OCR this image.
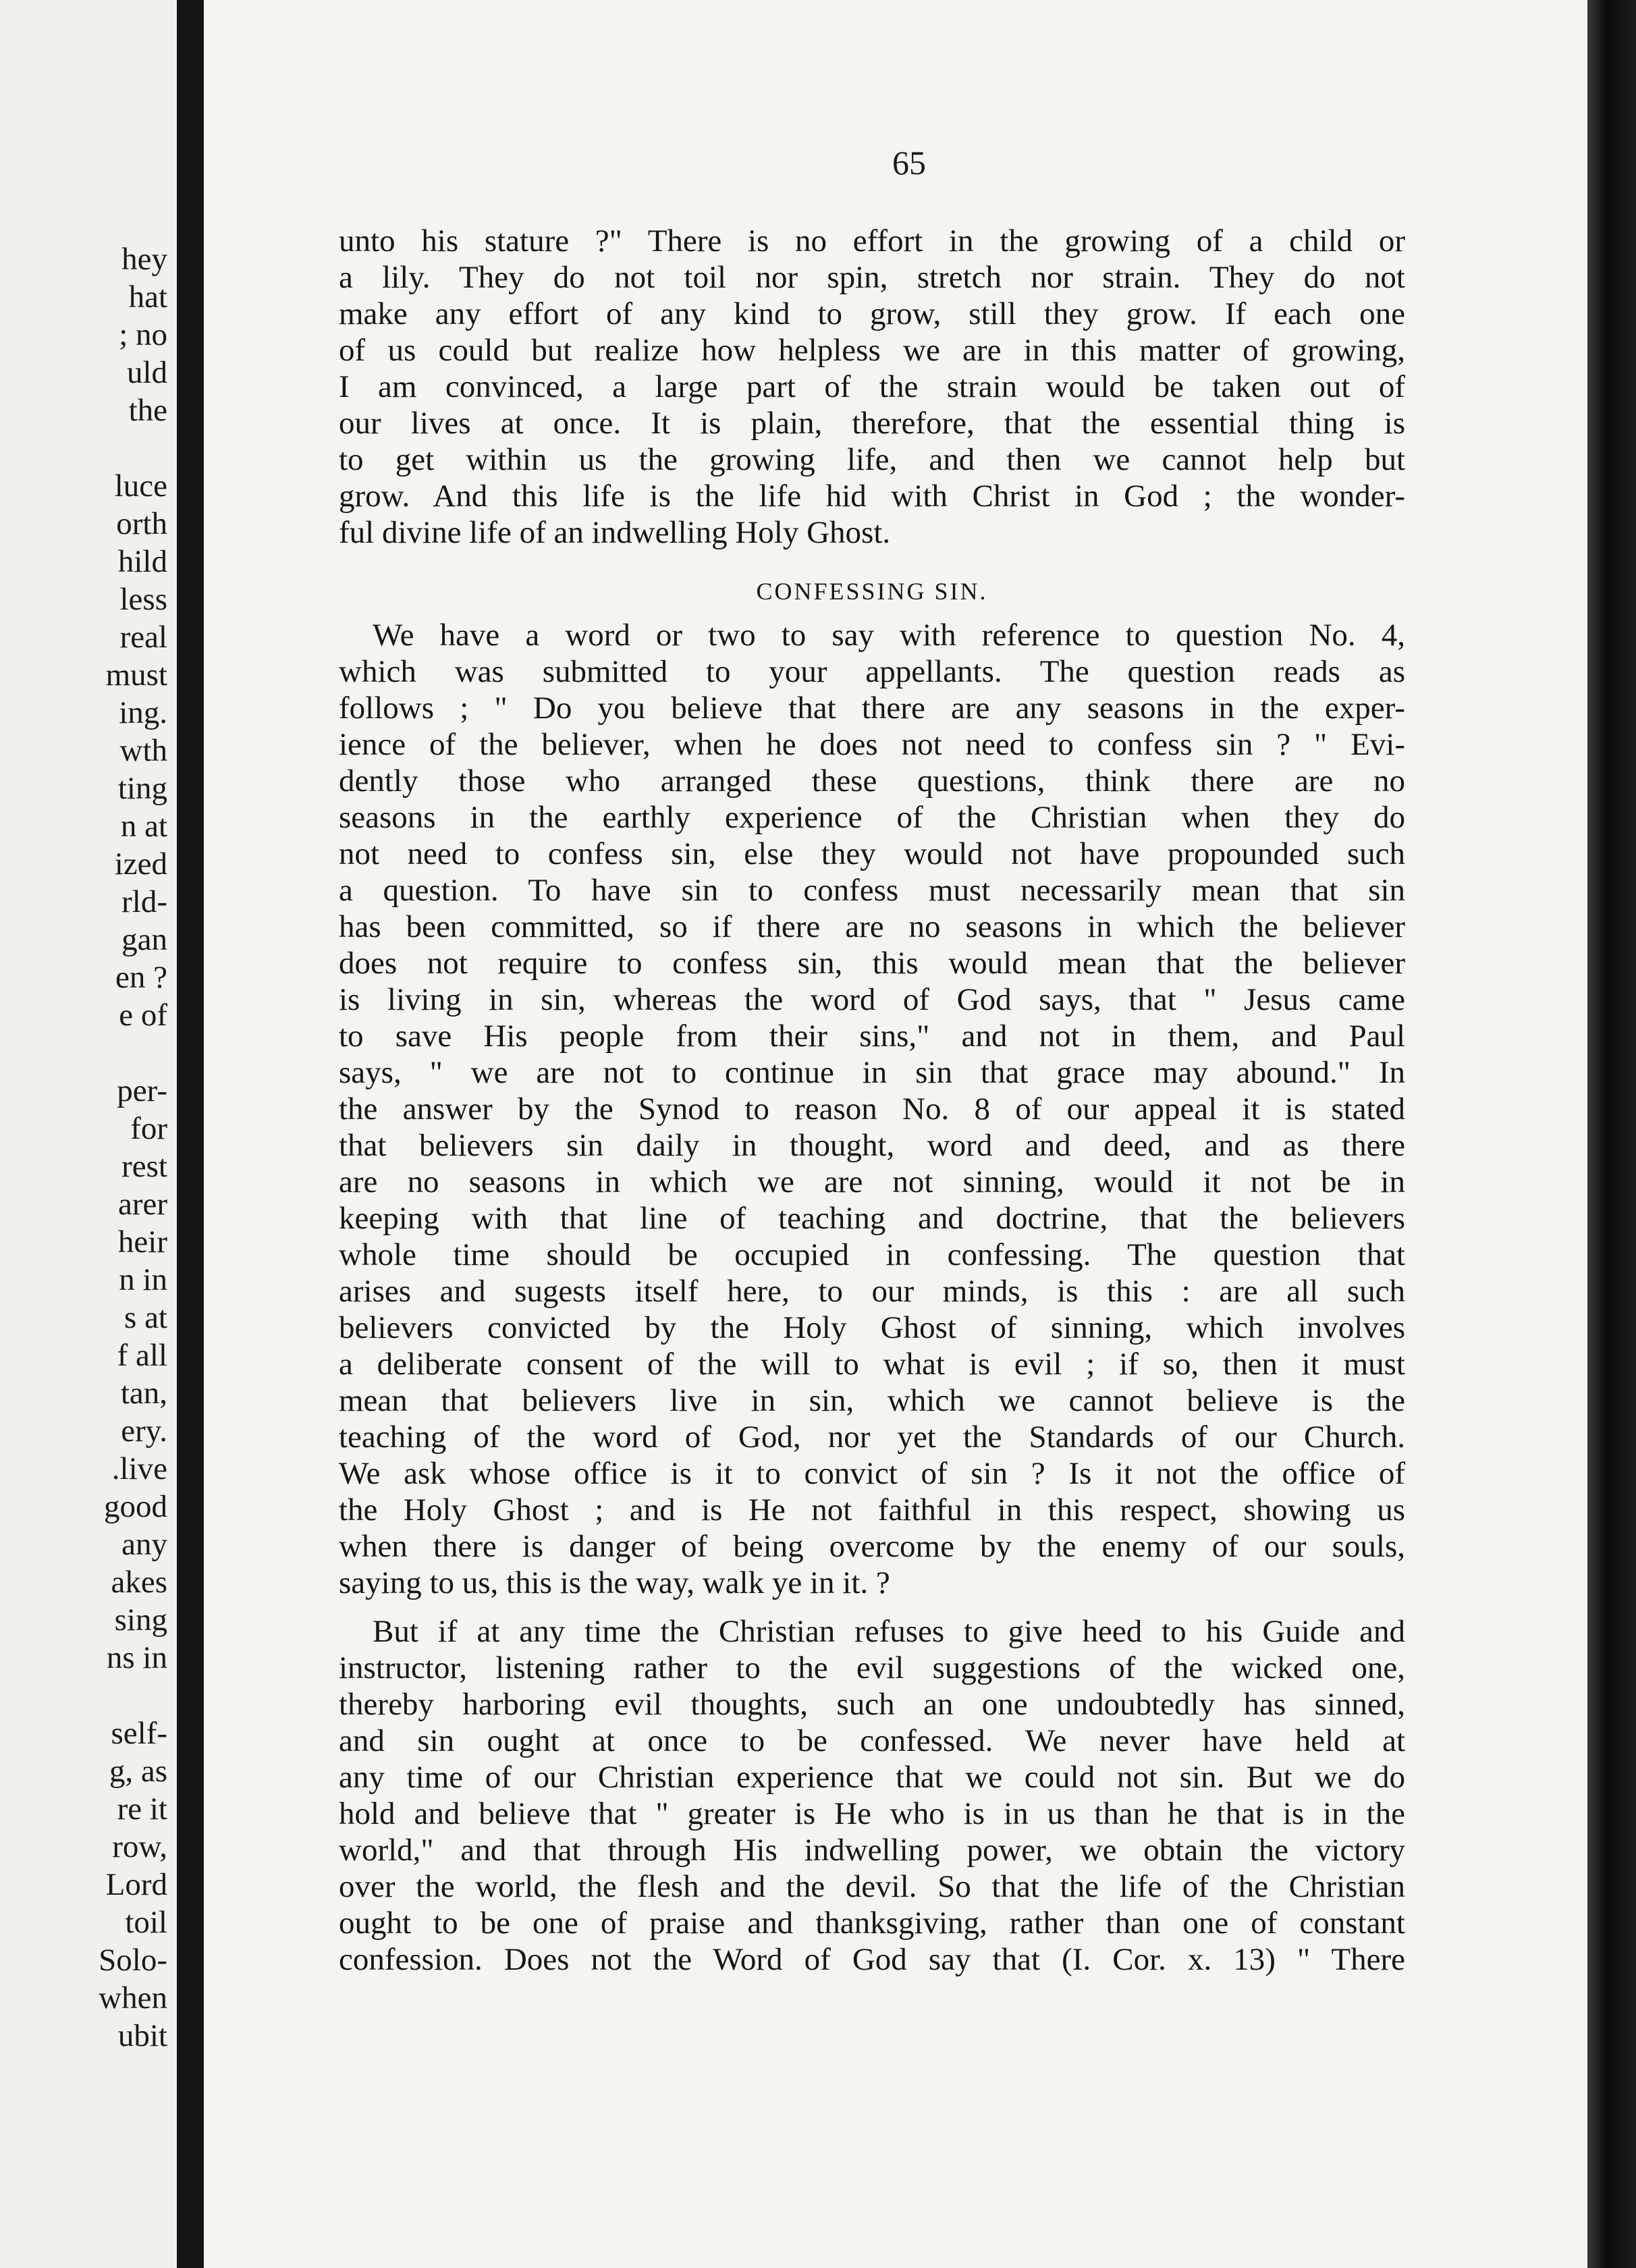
hey
hat
; no
uld
the
luce
orth
hild
less
real
must
ing.
wth
ting
n at
ized
rld-
gan
en ?
e of
per-
for
rest
arer
heir
n in
s at
f all
tan,
ery.
.live
good
any
akes
sing
ns in
self-
g, as
re it
row,
Lord
toil
Solo-
when
ubit
65
unto his stature ?" There is no effort in the growing of a child or
a lily. They do not toil nor spin, stretch nor strain. They do not
make any effort of any kind to grow, still they grow. If each one
of us could but realize how helpless we are in this matter of growing,
I am convinced, a large part of the strain would be taken out of
our lives at once. It is plain, therefore, that the essential thing is
to get within us the growing life, and then we cannot help but
grow. And this life is the life hid with Christ in God ; the wonder-
ful divine life of an indwelling Holy Ghost.
CONFESSING SIN.
We have a word or two to say with reference to question No. 4,
which was submitted to your appellants. The question reads as
follows ; " Do you believe that there are any seasons in the exper-
ience of the believer, when he does not need to confess sin ? " Evi-
dently those who arranged these questions, think there are no
seasons in the earthly experience of the Christian when they do
not need to confess sin, else they would not have propounded such
a question. To have sin to confess must necessarily mean that sin
has been committed, so if there are no seasons in which the believer
does not require to confess sin, this would mean that the believer
is living in sin, whereas the word of God says, that " Jesus came
to save His people from their sins," and not in them, and Paul
says, " we are not to continue in sin that grace may abound." In
the answer by the Synod to reason No. 8 of our appeal it is stated
that believers sin daily in thought, word and deed, and as there
are no seasons in which we are not sinning, would it not be in
keeping with that line of teaching and doctrine, that the believers
whole time should be occupied in confessing. The question that
arises and sugests itself here, to our minds, is this : are all such
believers convicted by the Holy Ghost of sinning, which involves
a deliberate consent of the will to what is evil ; if so, then it must
mean that believers live in sin, which we cannot believe is the
teaching of the word of God, nor yet the Standards of our Church.
We ask whose office is it to convict of sin ? Is it not the office of
the Holy Ghost ; and is He not faithful in this respect, showing us
when there is danger of being overcome by the enemy of our souls,
saying to us, this is the way, walk ye in it. ?
But if at any time the Christian refuses to give heed to his Guide and
instructor, listening rather to the evil suggestions of the wicked one,
thereby harboring evil thoughts, such an one undoubtedly has sinned,
and sin ought at once to be confessed. We never have held at
any time of our Christian experience that we could not sin. But we do
hold and believe that " greater is He who is in us than he that is in the
world," and that through His indwelling power, we obtain the victory
over the world, the flesh and the devil. So that the life of the Christian
ought to be one of praise and thanksgiving, rather than one of constant
confession. Does not the Word of God say that (I. Cor. x. 13) " There
